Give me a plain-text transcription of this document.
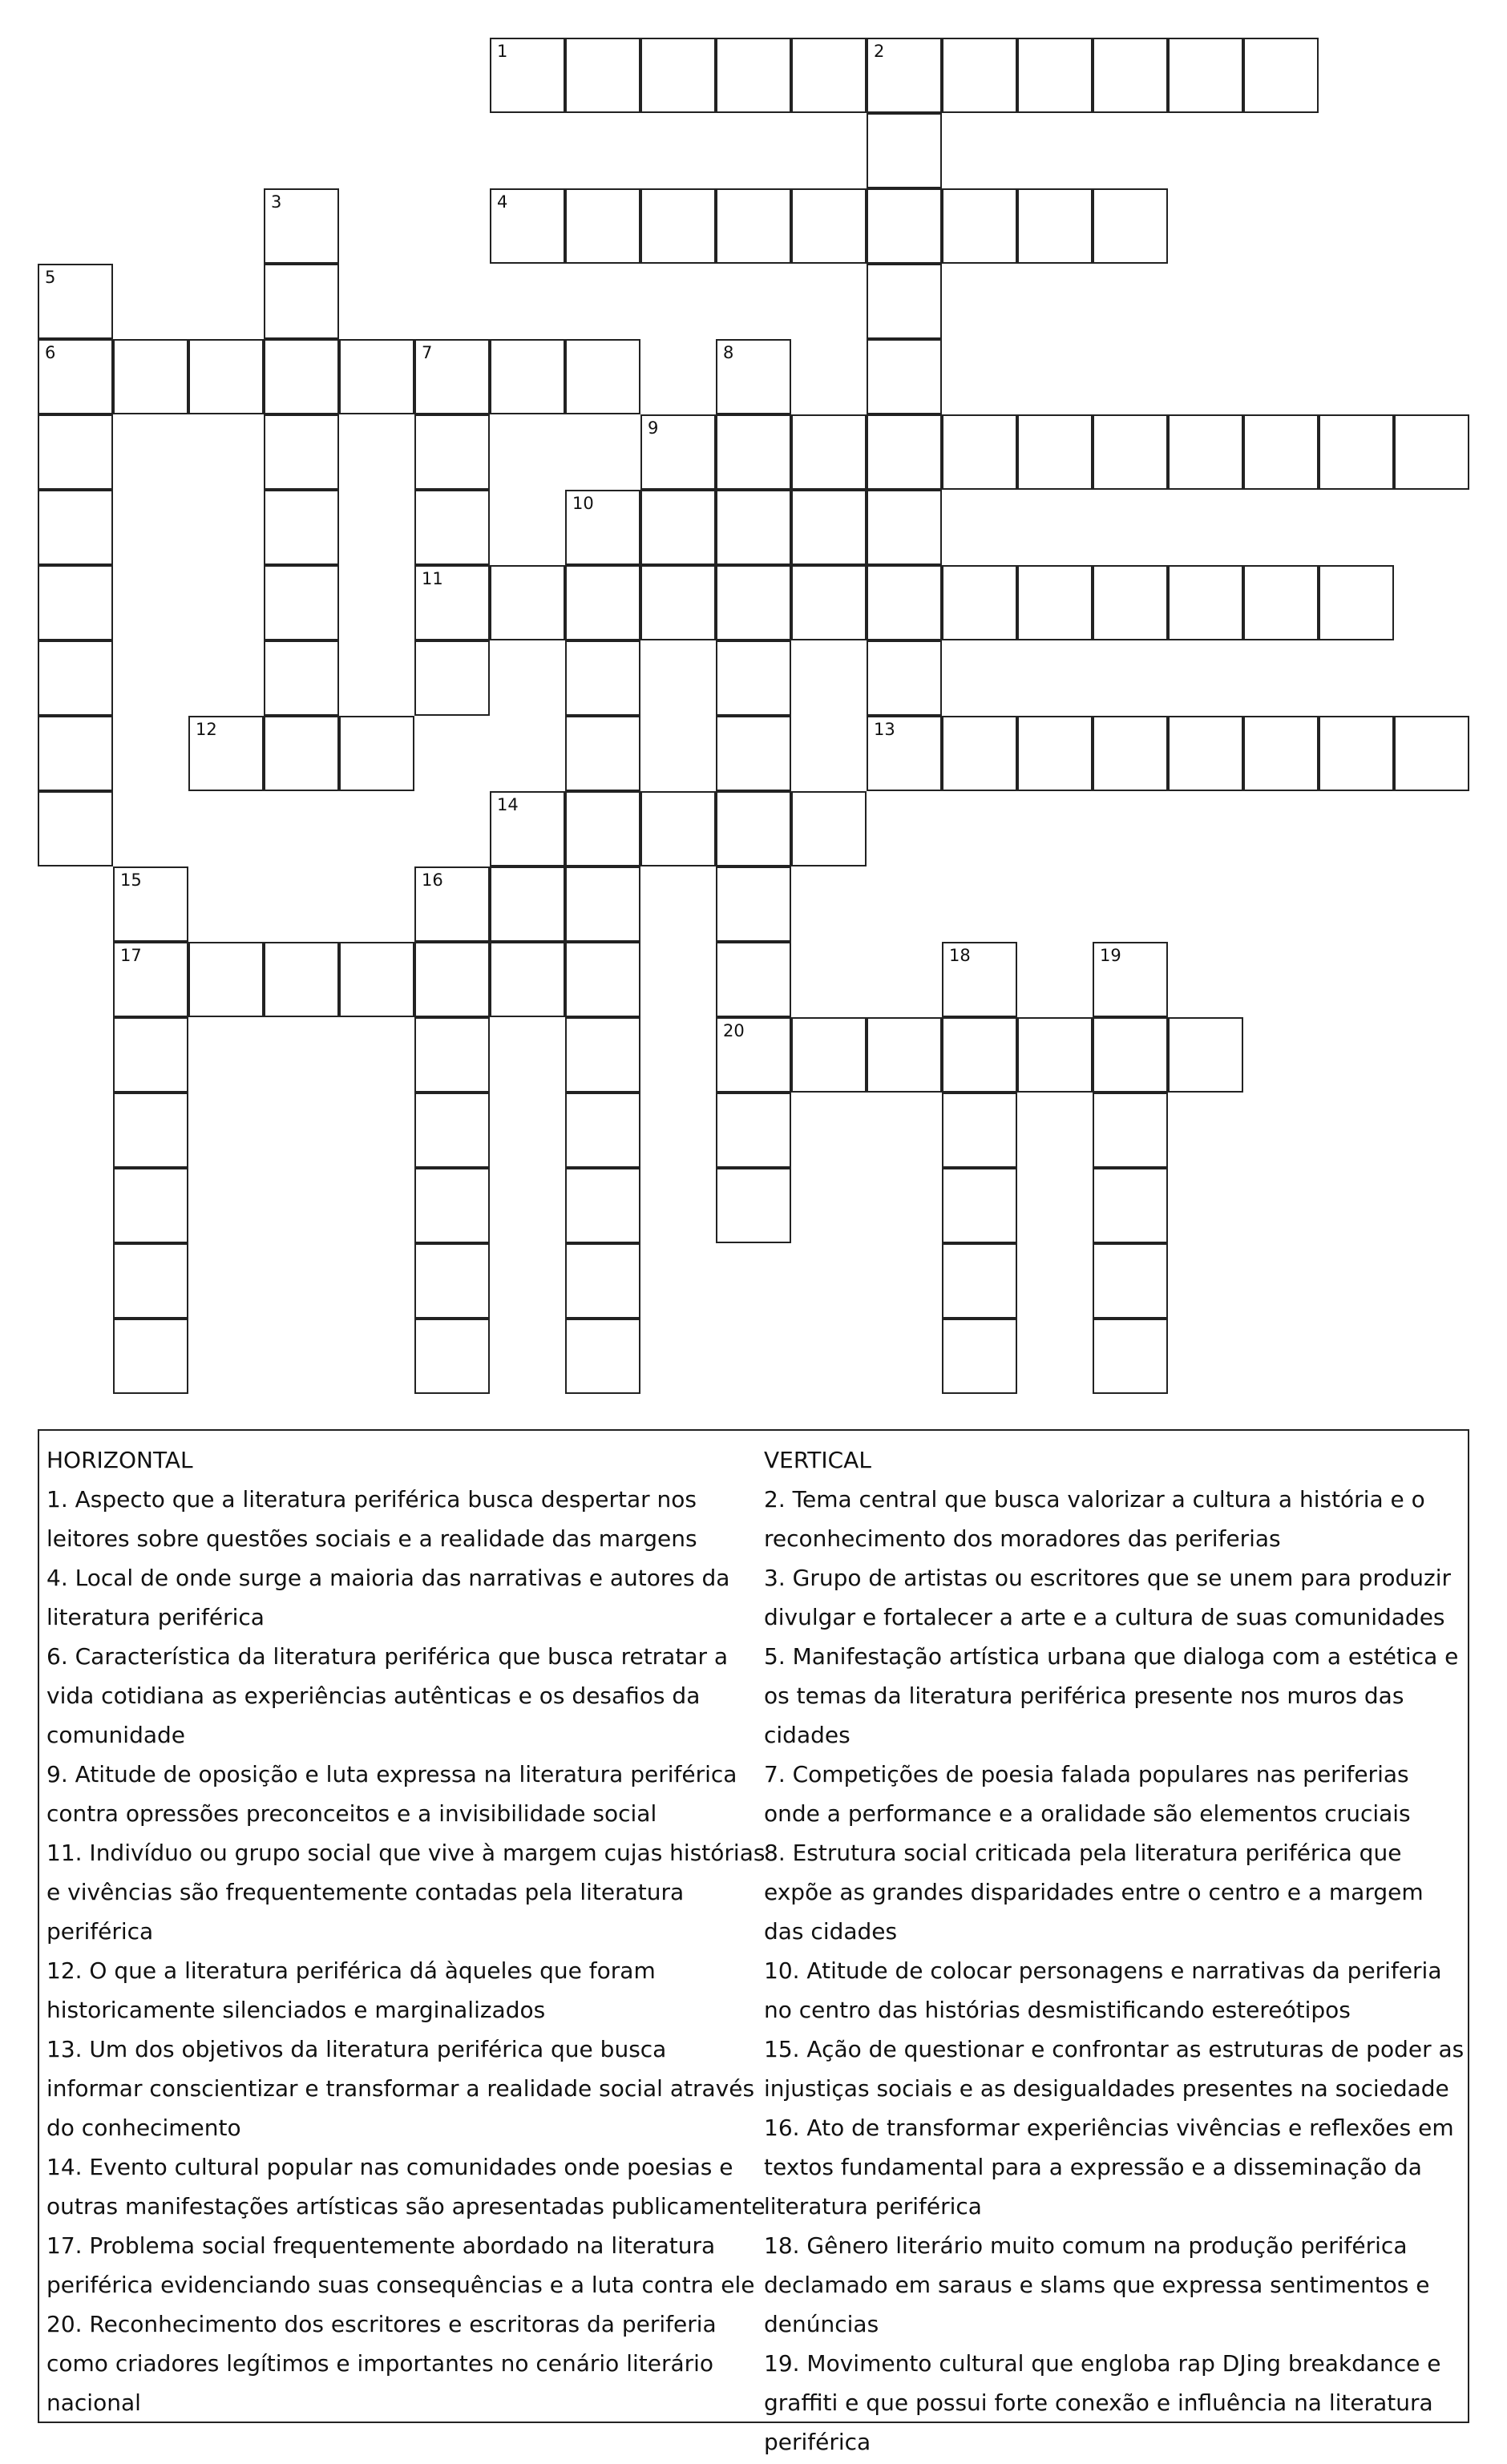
1	2
3	4
5
6	7	8
9
10
11
12	13
14
15	16
17	18	19
20
HORIZONTAL
1. Aspecto que a literatura periférica busca despertar nos leitores sobre questões sociais e a realidade das margens
4. Local de onde surge a maioria das narrativas e autores da literatura periférica
6. Característica da literatura periférica que busca retratar a vida cotidiana as experiências autênticas e os desafios da comunidade
9. Atitude de oposição e luta expressa na literatura periférica contra opressões preconceitos e a invisibilidade social
11. Indivíduo ou grupo social que vive à margem cujas histórias e vivências são frequentemente contadas pela literatura periférica
12. O que a literatura periférica dá àqueles que foram historicamente silenciados e marginalizados
13. Um dos objetivos da literatura periférica que busca informar conscientizar e transformar a realidade social através do conhecimento
14. Evento cultural popular nas comunidades onde poesias e outras manifestações artísticas são apresentadas publicamente
17. Problema social frequentemente abordado na literatura periférica evidenciando suas consequências e a luta contra ele
20. Reconhecimento dos escritores e escritoras da periferia como criadores legítimos e importantes no cenário literário nacional
VERTICAL
2. Tema central que busca valorizar a cultura a história e o reconhecimento dos moradores das periferias
3. Grupo de artistas ou escritores que se unem para produzir divulgar e fortalecer a arte e a cultura de suas comunidades
5. Manifestação artística urbana que dialoga com a estética e os temas da literatura periférica presente nos muros das cidades
7. Competições de poesia falada populares nas periferias onde a performance e a oralidade são elementos cruciais
8. Estrutura social criticada pela literatura periférica que expõe as grandes disparidades entre o centro e a margem das cidades
10. Atitude de colocar personagens e narrativas da periferia no centro das histórias desmistificando estereótipos
15. Ação de questionar e confrontar as estruturas de poder as injustiças sociais e as desigualdades presentes na sociedade
16. Ato de transformar experiências vivências e reflexões em textos fundamental para a expressão e a disseminação da literatura periférica
18. Gênero literário muito comum na produção periférica declamado em saraus e slams que expressa sentimentos e denúncias
19. Movimento cultural que engloba rap DJing breakdance e graffiti e que possui forte conexão e influência na literatura periférica
